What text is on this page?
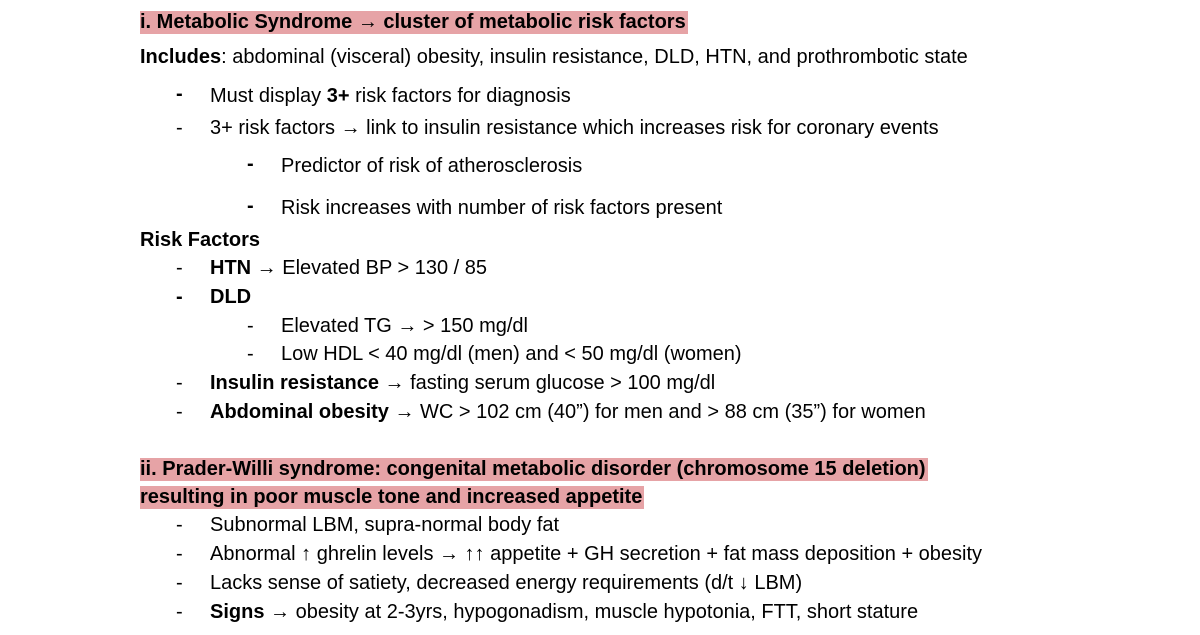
i. Metabolic Syndrome → cluster of metabolic risk factors
Includes: abdominal (visceral) obesity, insulin resistance, DLD, HTN, and prothrombotic state
- Must display 3+ risk factors for diagnosis
- 3+ risk factors → link to insulin resistance which increases risk for coronary events
- Predictor of risk of atherosclerosis
- Risk increases with number of risk factors present
Risk Factors
- HTN → Elevated BP > 130 / 85
- DLD
- Elevated TG → > 150 mg/dl
- Low HDL < 40 mg/dl (men) and < 50 mg/dl (women)
- Insulin resistance → fasting serum glucose > 100 mg/dl
- Abdominal obesity → WC > 102 cm (40”) for men and > 88 cm (35”) for women
ii. Prader-Willi syndrome: congenital metabolic disorder (chromosome 15 deletion)
resulting in poor muscle tone and increased appetite
- Subnormal LBM, supra-normal body fat
- Abnormal ↑ ghrelin levels → ↑↑ appetite + GH secretion + fat mass deposition + obesity
- Lacks sense of satiety, decreased energy requirements (d/t ↓ LBM)
- Signs → obesity at 2-3yrs, hypogonadism, muscle hypotonia, FTT, short stature
